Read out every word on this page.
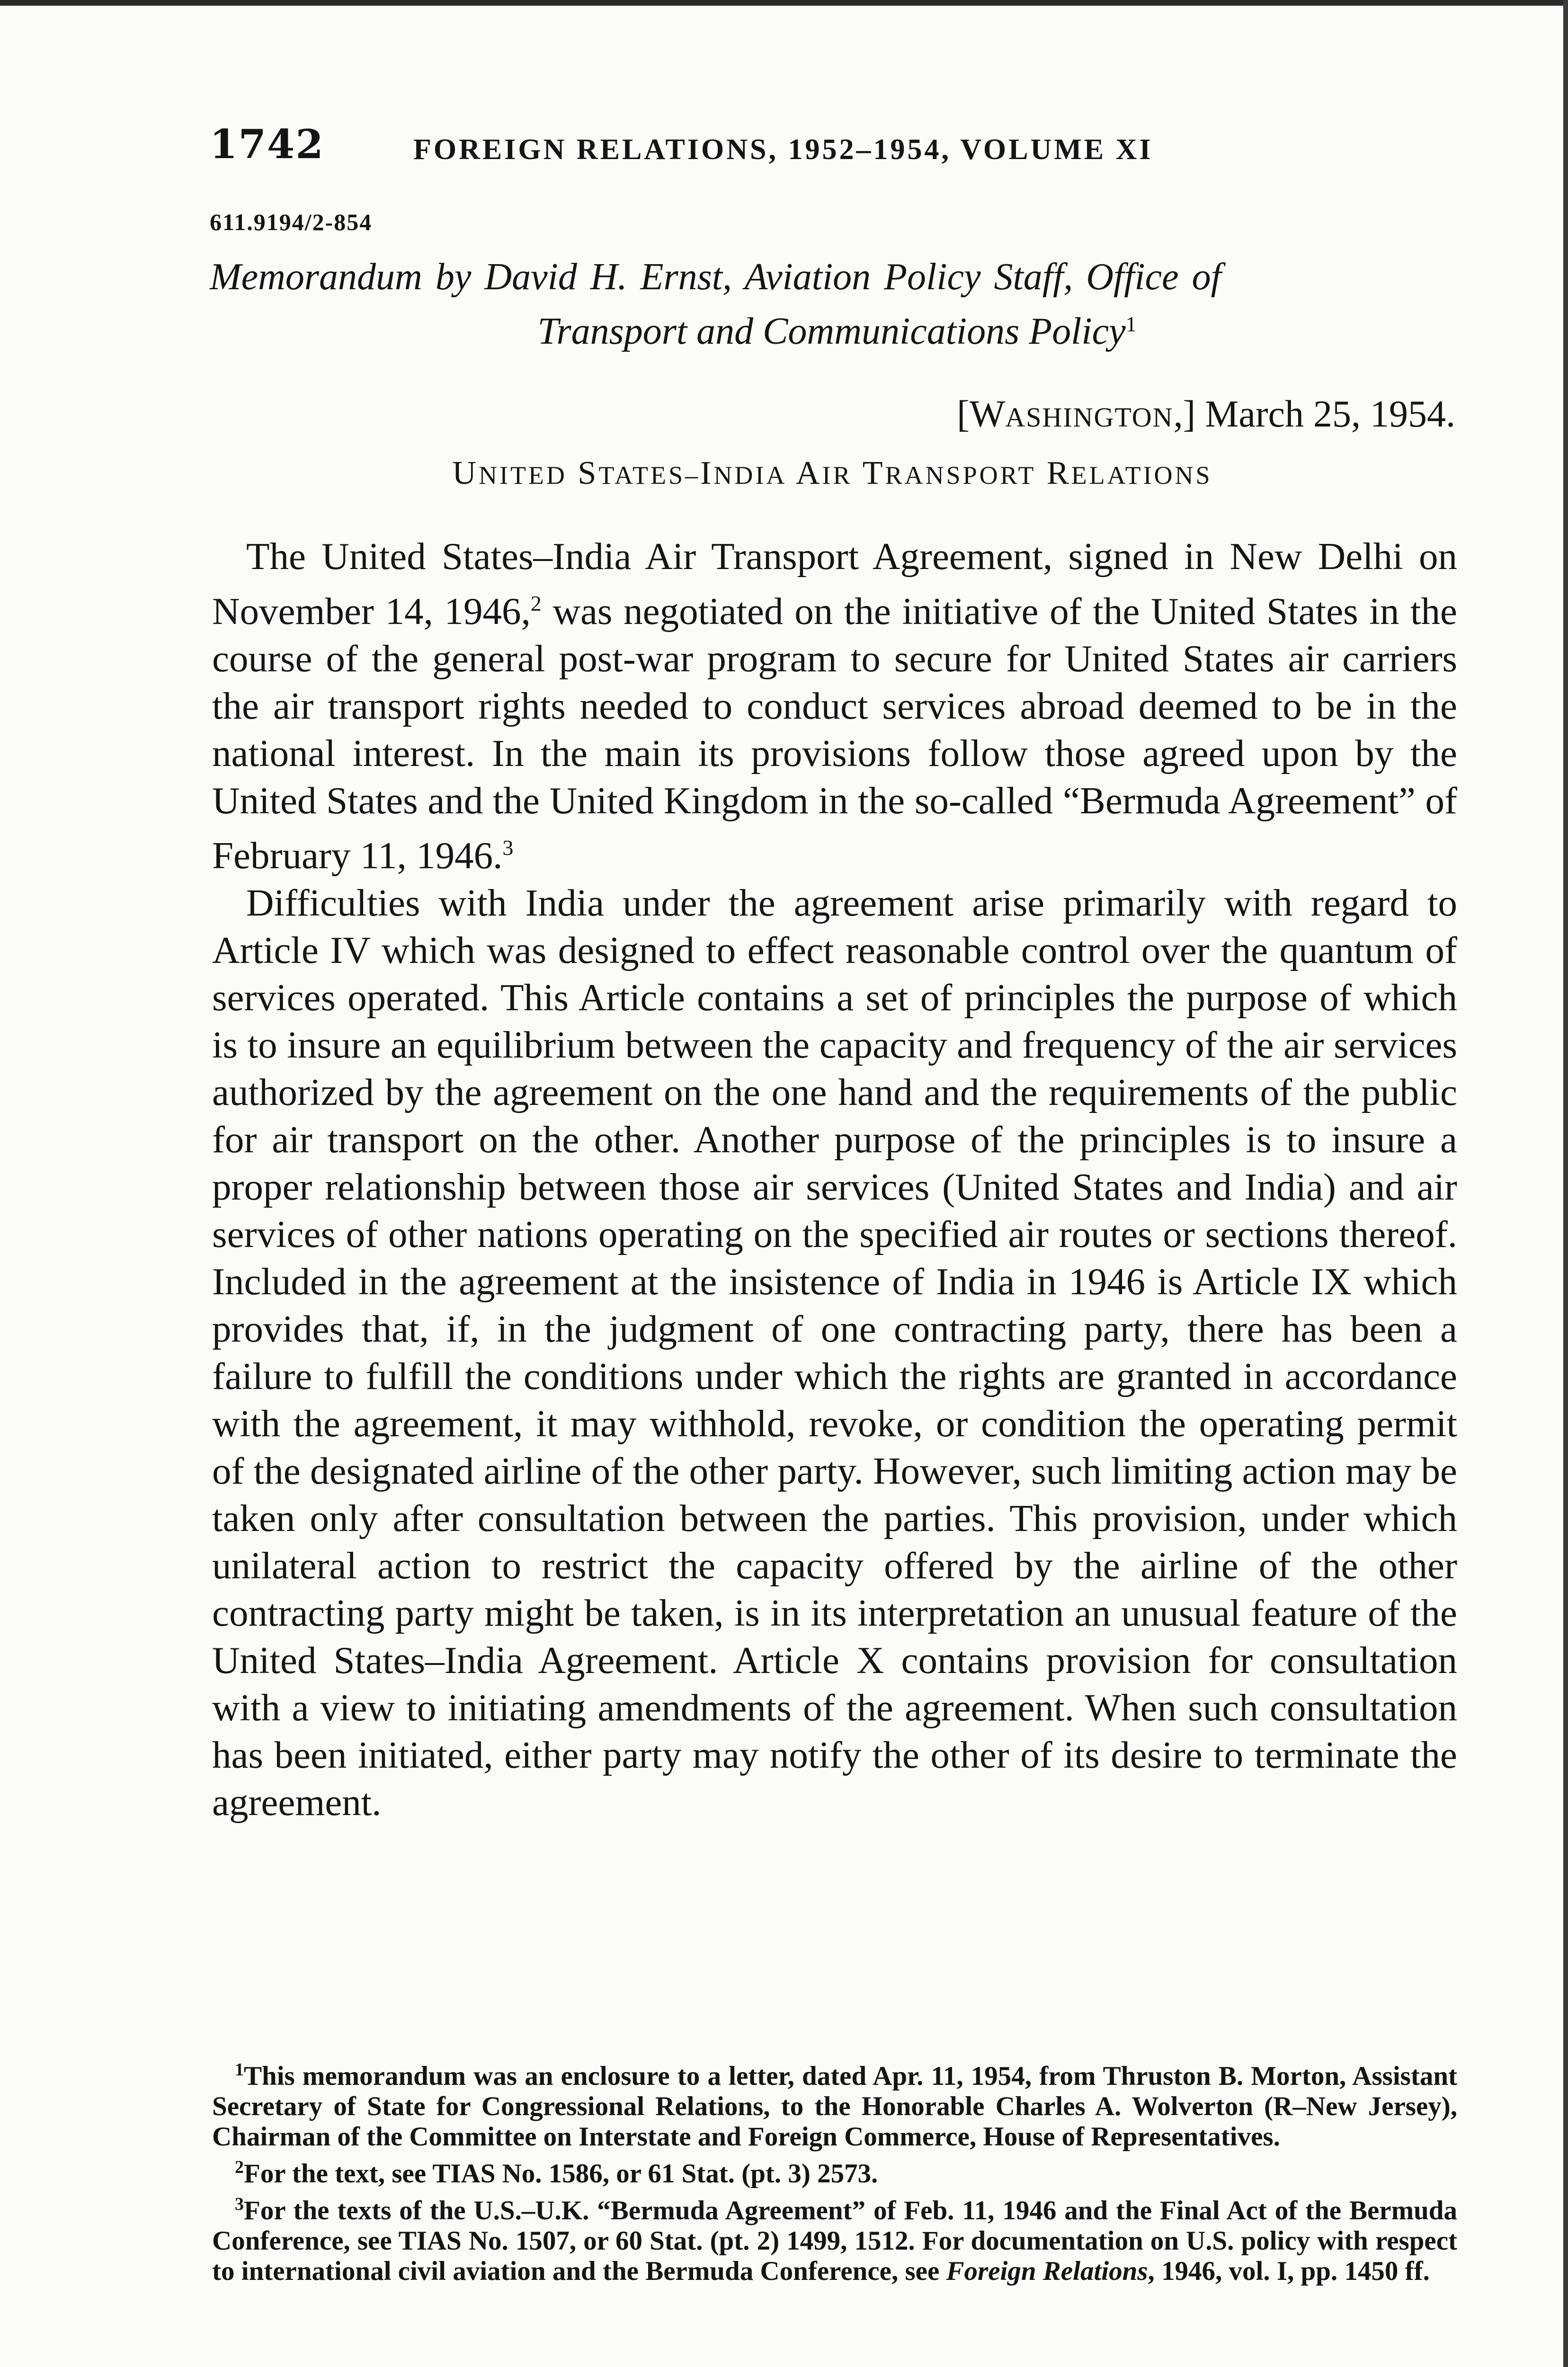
1742	FOREIGN RELATIONS, 1952–1954, VOLUME XI
611.9194/2-854
Memorandum by David H. Ernst, Aviation Policy Staff, Office of
Transport and Communications Policy$^1$
[WASHINGTON,] March 25, 1954.
UNITED STATES–INDIA AIR TRANSPORT RELATIONS

The United States–India Air Transport Agreement, signed in New Delhi on November 14, 1946,$^2$ was negotiated on the initiative of the United States in the course of the general post-war program to secure for United States air carriers the air transport rights needed to conduct services abroad deemed to be in the national interest. In the main its provisions follow those agreed upon by the United States and the United Kingdom in the so-called “Bermuda Agreement” of February 11, 1946.$^3$

Difficulties with India under the agreement arise primarily with regard to Article IV which was designed to effect reasonable control over the quantum of services operated. This Article contains a set of principles the purpose of which is to insure an equilibrium between the capacity and frequency of the air services authorized by the agreement on the one hand and the requirements of the public for air transport on the other. Another purpose of the principles is to insure a proper relationship between those air services (United States and India) and air services of other nations operating on the specified air routes or sections thereof. Included in the agreement at the insistence of India in 1946 is Article IX which provides that, if, in the judgment of one contracting party, there has been a failure to fulfill the conditions under which the rights are granted in accordance with the agreement, it may withhold, revoke, or condition the operating permit of the designated airline of the other party. However, such limiting action may be taken only after consultation between the parties. This provision, under which unilateral action to restrict the capacity offered by the airline of the other contracting party might be taken, is in its interpretation an unusual feature of the United States–India Agreement. Article X contains provision for consultation with a view to initiating amendments of the agreement. When such consultation has been initiated, either party may notify the other of its desire to terminate the agreement.

$^1$This memorandum was an enclosure to a letter, dated Apr. 11, 1954, from Thruston B. Morton, Assistant Secretary of State for Congressional Relations, to the Honorable Charles A. Wolverton (R–New Jersey), Chairman of the Committee on Interstate and Foreign Commerce, House of Representatives.

$^2$For the text, see TIAS No. 1586, or 61 Stat. (pt. 3) 2573.

$^3$For the texts of the U.S.–U.K. “Bermuda Agreement” of Feb. 11, 1946 and the Final Act of the Bermuda Conference, see TIAS No. 1507, or 60 Stat. (pt. 2) 1499, 1512. For documentation on U.S. policy with respect to international civil aviation and the Bermuda Conference, see Foreign Relations, 1946, vol. I, pp. 1450 ff.
